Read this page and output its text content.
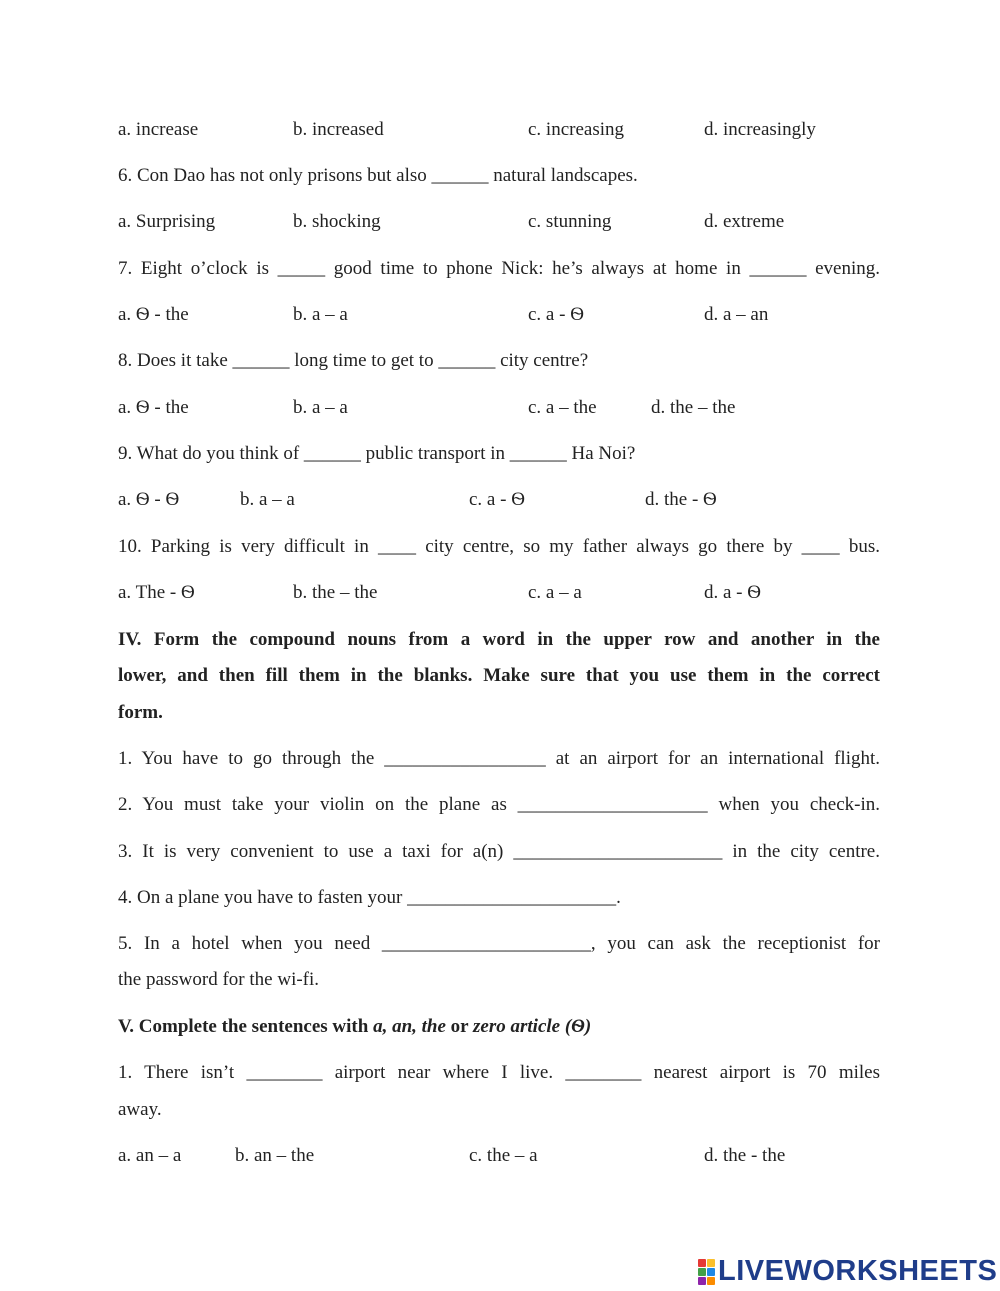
a. increase	b. increased	c. increasing	d. increasingly
6. Con Dao has not only prisons but also ______ natural landscapes.
a. Surprising	b. shocking	c. stunning	d. extreme
7. Eight o’clock is _____ good time to phone Nick: he’s always at home in ______ evening.
a. Ѳ - the	b. a – a	c. a - Ѳ	d. a – an
8. Does it take ______ long time to get to ______ city centre?
a. Ѳ - the	b. a – a	c. a – the	d. the – the
9. What do you think of ______ public transport in ______ Ha Noi?
a. Ѳ - Ѳ	b. a – a	c. a - Ѳ	d. the - Ѳ
10. Parking is very difficult in ____ city centre, so my father always go there by ____ bus.
a. The - Ѳ	b. the – the	c. a – a	d. a - Ѳ
IV. Form the compound nouns from a word in the upper row and another in the
lower, and then fill them in the blanks. Make sure that you use them in the correct
form.
1. You have to go through the _________________ at an airport for an international flight.
2. You must take your violin on the plane as ____________________ when you check-in.
3. It is very convenient to use a taxi for a(n) ______________________ in the city centre.
4. On a plane you have to fasten your ______________________.
5. In a hotel when you need ______________________, you can ask the receptionist for
the password for the wi-fi.
V. Complete the sentences with a, an, the or zero article (Ѳ)
1. There isn’t ________ airport near where I live. ________ nearest airport is 70 miles
away.
a. an – a	b. an – the	c. the – a	d. the - the
LIVEWORKSHEETS
